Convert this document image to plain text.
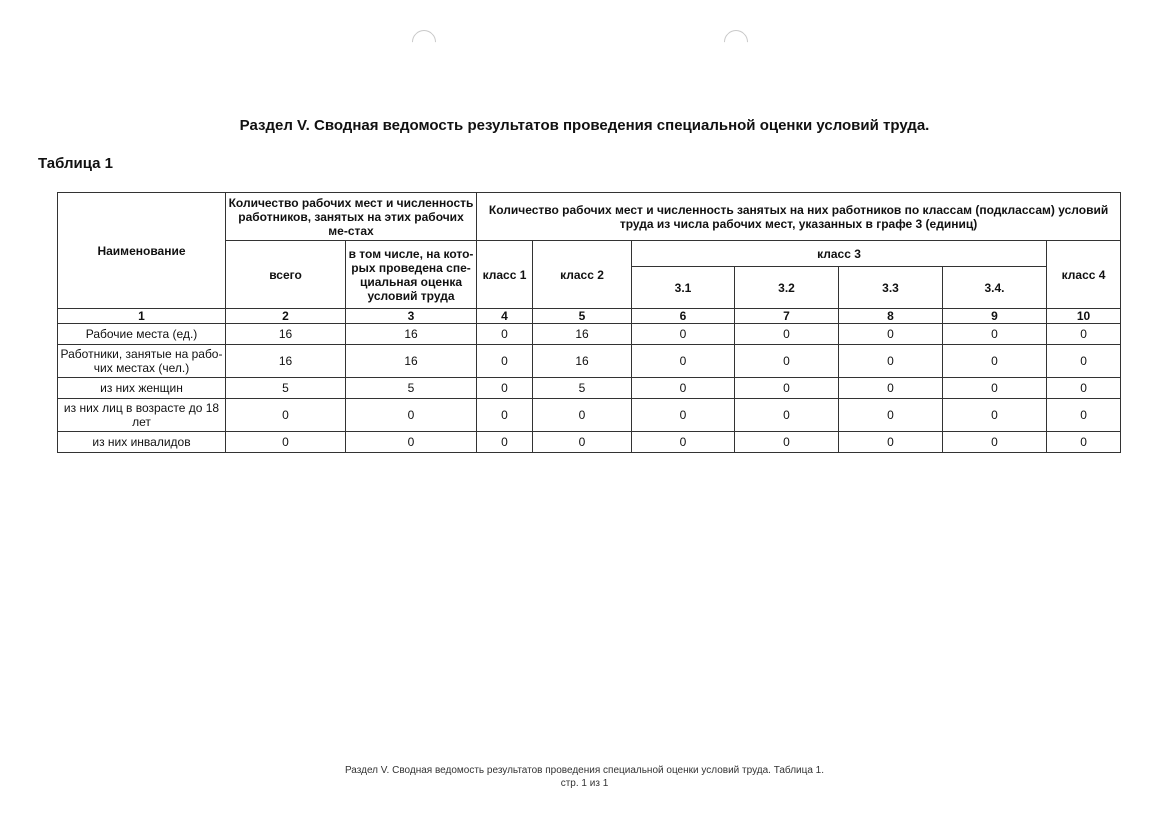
Раздел V. Сводная ведомость результатов проведения специальной оценки условий труда.
Таблица 1
Наименование	Количество рабочих мест и численность работников, занятых на этих рабочих ме-стах		Количество рабочих мест и численность занятых на них работников по классам (подклассам) условий труда из числа рабочих мест, указанных в графе 3 (единиц)						
	всего	в том числе, на кото-рых проведена спе-циальная оценка условий труда	класс 1	класс 2	класс 3				класс 4
					3.1	3.2	3.3	3.4.	
1	2	3	4	5	6	7	8	9	10
Рабочие места (ед.)	16	16	0	16	0	0	0	0	0
Работники, занятые на рабо-чих местах (чел.)	16	16	0	16	0	0	0	0	0
из них женщин	5	5	0	5	0	0	0	0	0
из них лиц в возрасте до 18 лет	0	0	0	0	0	0	0	0	0
из них инвалидов	0	0	0	0	0	0	0	0	0
Раздел V. Сводная ведомость результатов проведения специальной оценки условий труда. Таблица 1.
стр. 1 из 1
